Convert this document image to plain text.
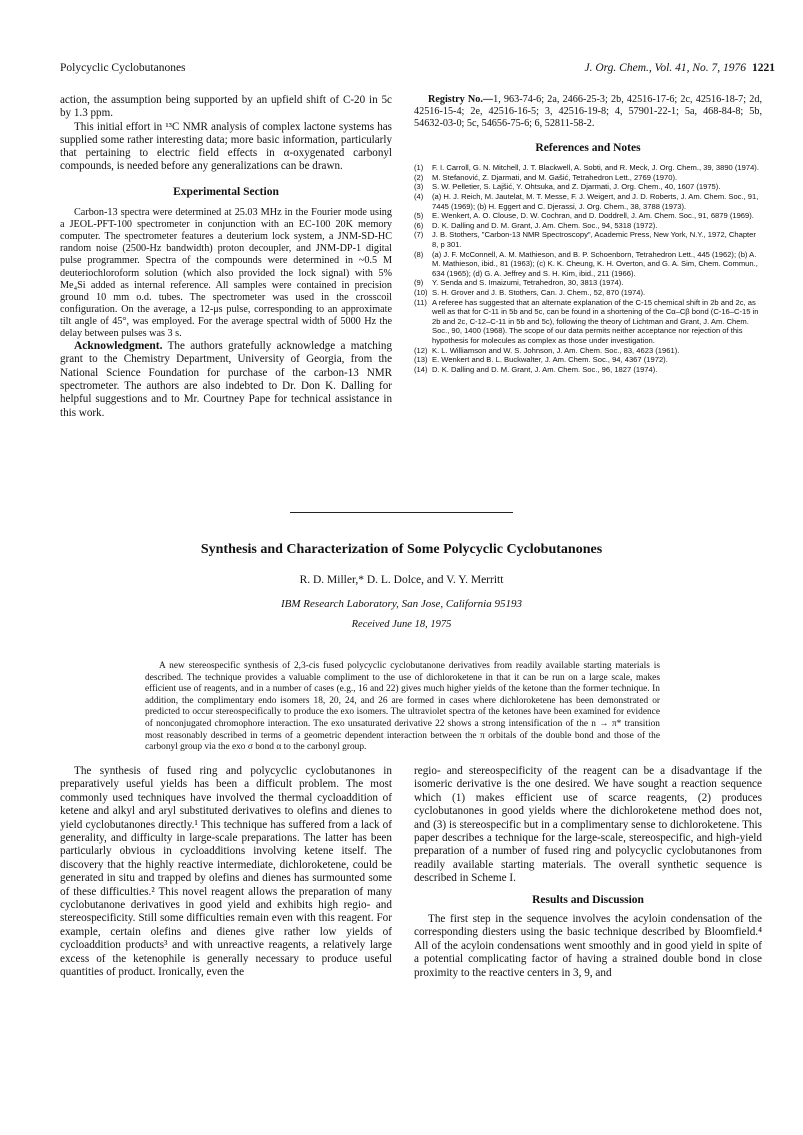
Polycyclic Cyclobutanones	J. Org. Chem., Vol. 41, No. 7, 1976 1221

action, the assumption being supported by an upfield shift of C-20 in 5c by 1.3 ppm.

This initial effort in ¹³C NMR analysis of complex lactone systems has supplied some rather interesting data; more basic information, particularly that pertaining to electric field effects in α-oxygenated carbonyl compounds, is needed before any generalizations can be drawn.

Experimental Section

Carbon-13 spectra were determined at 25.03 MHz in the Fourier mode using a JEOL-PFT-100 spectrometer in conjunction with an EC-100 20K memory computer. The spectrometer features a deuterium lock system, a JNM-SD-HC random noise (2500-Hz bandwidth) proton decoupler, and JNM-DP-1 digital pulse programmer. Spectra of the compounds were determined in ~0.5 M deuteriochloroform solution (which also provided the lock signal) with 5% Me₄Si added as internal reference. All samples were contained in precision ground 10 mm o.d. tubes. The spectrometer was used in the crosscoil configuration. On the average, a 12-μs pulse, corresponding to an approximate tilt angle of 45°, was employed. For the average spectral width of 5000 Hz the delay between pulses was 3 s.

Acknowledgment. The authors gratefully acknowledge a matching grant to the Chemistry Department, University of Georgia, from the National Science Foundation for purchase of the carbon-13 NMR spectrometer. The authors are also indebted to Dr. Don K. Dalling for helpful suggestions and to Mr. Courtney Pape for technical assistance in this work.

Registry No.—1, 963-74-6; 2a, 2466-25-3; 2b, 42516-17-6; 2c, 42516-18-7; 2d, 42516-15-4; 2e, 42516-16-5; 3, 42516-19-8; 4, 57901-22-1; 5a, 468-84-8; 5b, 54632-03-0; 5c, 54656-75-6; 6, 52811-58-2.

References and Notes
(1)	F. I. Carroll, G. N. Mitchell, J. T. Blackwell, A. Sobti, and R. Meck, J. Org. Chem., 39, 3890 (1974).
(2)	M. Stefanović, Z. Djarmati, and M. Gašić, Tetrahedron Lett., 2769 (1970).
(3)	S. W. Pelletier, S. Lajšić, Y. Ohtsuka, and Z. Djarmati, J. Org. Chem., 40, 1607 (1975).
(4)	(a) H. J. Reich, M. Jautelat, M. T. Messe, F. J. Weigert, and J. D. Roberts, J. Am. Chem. Soc., 91, 7445 (1969); (b) H. Eggert and C. Djerassi, J. Org. Chem., 38, 3788 (1973).
(5)	E. Wenkert, A. O. Clouse, D. W. Cochran, and D. Doddrell, J. Am. Chem. Soc., 91, 6879 (1969).
(6)	D. K. Dalling and D. M. Grant, J. Am. Chem. Soc., 94, 5318 (1972).
(7)	J. B. Stothers, "Carbon-13 NMR Spectroscopy", Academic Press, New York, N.Y., 1972, Chapter 8, p 301.
(8)	(a) J. F. McConnell, A. M. Mathieson, and B. P. Schoenborn, Tetrahedron Lett., 445 (1962); (b) A. M. Mathieson, ibid., 81 (1963); (c) K. K. Cheung, K. H. Overton, and G. A. Sim, Chem. Commun., 634 (1965); (d) G. A. Jeffrey and S. H. Kim, ibid., 211 (1966).
(9)	Y. Senda and S. Imaizumi, Tetrahedron, 30, 3813 (1974).
(10) S. H. Grover and J. B. Stothers, Can. J. Chem., 52, 870 (1974).
(11) A referee has suggested that an alternate explanation of the C-15 chemical shift in 2b and 2c, as well as that for C-11 in 5b and 5c, can be found in a shortening of the Cα–Cβ bond (C-16–C-15 in 2b and 2c, C-12–C-11 in 5b and 5c), following the theory of Lichtman and Grant, J. Am. Chem. Soc., 90, 1400 (1968). The scope of our data permits neither acceptance nor rejection of this hypothesis for molecules as complex as those under investigation.
(12) K. L. Williamson and W. S. Johnson, J. Am. Chem. Soc., 83, 4623 (1961).
(13) E. Wenkert and B. L. Buckwalter, J. Am. Chem. Soc., 94, 4367 (1972).
(14) D. K. Dalling and D. M. Grant, J. Am. Chem. Soc., 96, 1827 (1974).
Synthesis and Characterization of Some Polycyclic Cyclobutanones
R. D. Miller,* D. L. Dolce, and V. Y. Merritt
IBM Research Laboratory, San Jose, California 95193
Received June 18, 1975
A new stereospecific synthesis of 2,3-cis fused polycyclic cyclobutanone derivatives from readily available starting materials is described. The technique provides a valuable compliment to the use of dichloroketene in that it can be run on a large scale, makes efficient use of reagents, and in a number of cases (e.g., 16 and 22) gives much higher yields of the ketone than the former technique. In addition, the complimentary endo isomers 18, 20, 24, and 26 are formed in cases where dichloroketene has been demonstrated or predicted to occur stereospecifically to produce the exo isomers. The ultraviolet spectra of the ketones have been examined for evidence of nonconjugated chromophore interaction. The exo unsaturated derivative 22 shows a strong intensification of the n → π* transition most reasonably described in terms of a geometric dependent interaction between the π orbitals of the double bond and those of the carbonyl group via the exo σ bond α to the carbonyl group.

The synthesis of fused ring and polycyclic cyclobutanones in preparatively useful yields has been a difficult problem. The most commonly used techniques have involved the thermal cycloaddition of ketene and alkyl and aryl substituted derivatives to olefins and dienes to yield cyclobutanones directly.¹ This technique has suffered from a lack of generality, and difficulty in large-scale preparations. The latter has been particularly obvious in cycloadditions involving ketene itself. The discovery that the highly reactive intermediate, dichloroketene, could be generated in situ and trapped by olefins and dienes has surmounted some of these difficulties.² This novel reagent allows the preparation of many cyclobutanone derivatives in good yield and exhibits high regio- and stereospecificity. Still some difficulties remain even with this reagent. For example, certain olefins and dienes give rather low yields of cycloaddition products³ and with unreactive reagents, a relatively large excess of the ketenophile is generally necessary to produce useful quantities of product. Ironically, even the

regio- and stereospecificity of the reagent can be a disadvantage if the isomeric derivative is the one desired. We have sought a reaction sequence which (1) makes efficient use of scarce reagents, (2) produces cyclobutanones in good yields where the dichloroketene method does not, and (3) is stereospecific but in a complimentary sense to dichloroketene. This paper describes a technique for the large-scale, stereospecific, and high-yield preparation of a number of fused ring and polycyclic cyclobutanones from readily available starting materials. The overall synthetic sequence is described in Scheme I.

Results and Discussion

The first step in the sequence involves the acyloin condensation of the corresponding diesters using the basic technique described by Bloomfield.⁴ All of the acyloin condensations went smoothly and in good yield in spite of a potential complicating factor of having a strained double bond in close proximity to the reactive centers in 3, 9, and
